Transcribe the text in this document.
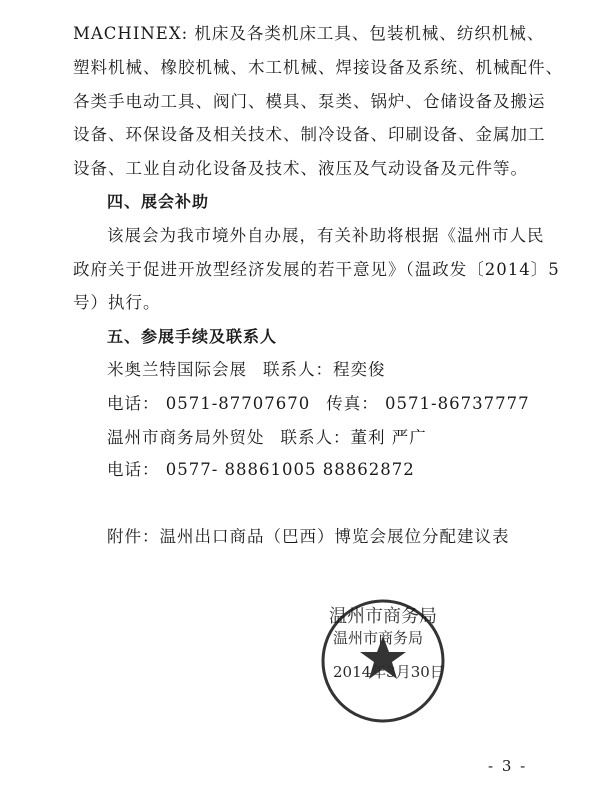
MACHINEX: 机床及各类机床工具、包装机械、纺织机械、
塑料机械、橡胶机械、木工机械、焊接设备及系统、机械配件、
各类手电动工具、阀门、模具、泵类、锅炉、仓储设备及搬运
设备、环保设备及相关技术、制冷设备、印刷设备、金属加工
设备、工业自动化设备及技术、液压及气动设备及元件等。
四、展会补助
该展会为我市境外自办展，有关补助将根据《温州市人民
政府关于促进开放型经济发展的若干意见》（温政发〔2014〕5
号）执行。
五、参展手续及联系人
米奥兰特国际会展 联系人：程奕俊
电话： 0571-87707670 传真： 0571-86737777
温州市商务局外贸处 联系人：董利 严广
电话： 0577- 88861005 88862872
附件：温州出口商品（巴西）博览会展位分配建议表
温州市商务局
温州市商务局
2014年3月30日
- 3 -
